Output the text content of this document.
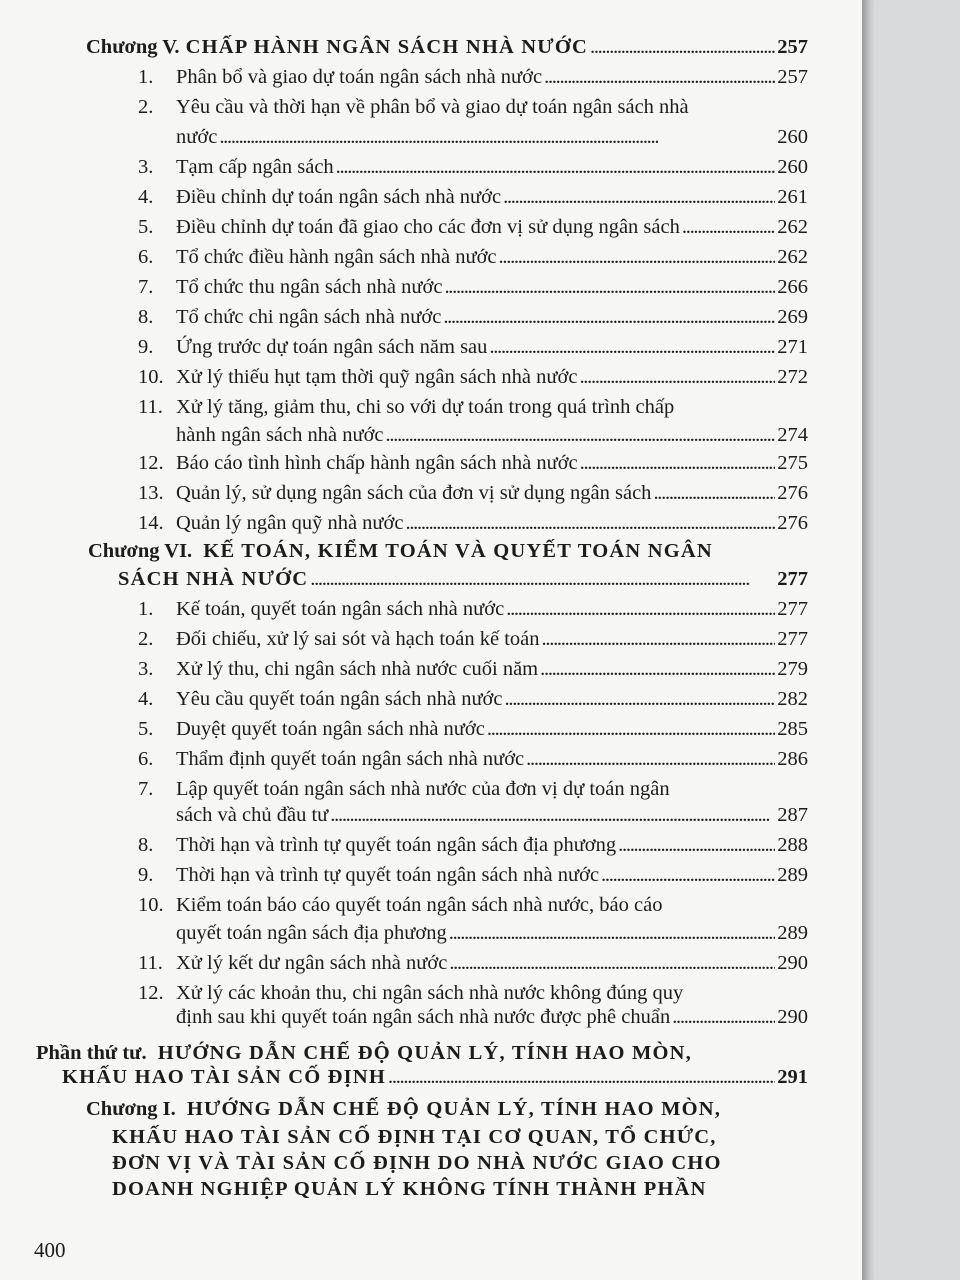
Chương V. CHẤP HÀNH NGÂN SÁCH NHÀ NƯỚC . . .	257
1. Phân bổ và giao dự toán ngân sách nhà nước . . .	257
2. Yêu cầu và thời hạn về phân bổ và giao dự toán ngân sách nhà
nước . . .	260
3. Tạm cấp ngân sách . . .	260
4. Điều chỉnh dự toán ngân sách nhà nước . . .	261
5. Điều chỉnh dự toán đã giao cho các đơn vị sử dụng ngân sách . . .	262
6. Tổ chức điều hành ngân sách nhà nước . . .	262
7. Tổ chức thu ngân sách nhà nước . . .	266
8. Tổ chức chi ngân sách nhà nước . . .	269
9. Ứng trước dự toán ngân sách năm sau . . .	271
10. Xử lý thiếu hụt tạm thời quỹ ngân sách nhà nước . . .	272
11. Xử lý tăng, giảm thu, chi so với dự toán trong quá trình chấp
hành ngân sách nhà nước . . .	274
12. Báo cáo tình hình chấp hành ngân sách nhà nước . . .	275
13. Quản lý, sử dụng ngân sách của đơn vị sử dụng ngân sách . . .	276
14. Quản lý ngân quỹ nhà nước . . .	276
Chương VI. KẾ TOÁN, KIỂM TOÁN VÀ QUYẾT TOÁN NGÂN
SÁCH NHÀ NƯỚC . . .	277
1. Kế toán, quyết toán ngân sách nhà nước . . .	277
2. Đối chiếu, xử lý sai sót và hạch toán kế toán . . .	277
3. Xử lý thu, chi ngân sách nhà nước cuối năm . . .	279
4. Yêu cầu quyết toán ngân sách nhà nước . . .	282
5. Duyệt quyết toán ngân sách nhà nước . . .	285
6. Thẩm định quyết toán ngân sách nhà nước . . .	286
7. Lập quyết toán ngân sách nhà nước của đơn vị dự toán ngân
sách và chủ đầu tư . . .	287
8. Thời hạn và trình tự quyết toán ngân sách địa phương . . .	288
9. Thời hạn và trình tự quyết toán ngân sách nhà nước . . .	289
10. Kiểm toán báo cáo quyết toán ngân sách nhà nước, báo cáo
quyết toán ngân sách địa phương . . .	289
11. Xử lý kết dư ngân sách nhà nước . . .	290
12. Xử lý các khoản thu, chi ngân sách nhà nước không đúng quy
định sau khi quyết toán ngân sách nhà nước được phê chuẩn . . .	290
Phần thứ tư. HƯỚNG DẪN CHẾ ĐỘ QUẢN LÝ, TÍNH HAO MÒN,
KHẤU HAO TÀI SẢN CỐ ĐỊNH . . .	291
Chương I. HƯỚNG DẪN CHẾ ĐỘ QUẢN LÝ, TÍNH HAO MÒN,
KHẤU HAO TÀI SẢN CỐ ĐỊNH TẠI CƠ QUAN, TỔ CHỨC,
ĐƠN VỊ VÀ TÀI SẢN CỐ ĐỊNH DO NHÀ NƯỚC GIAO CHO
DOANH NGHIỆP QUẢN LÝ KHÔNG TÍNH THÀNH PHẦN
400
